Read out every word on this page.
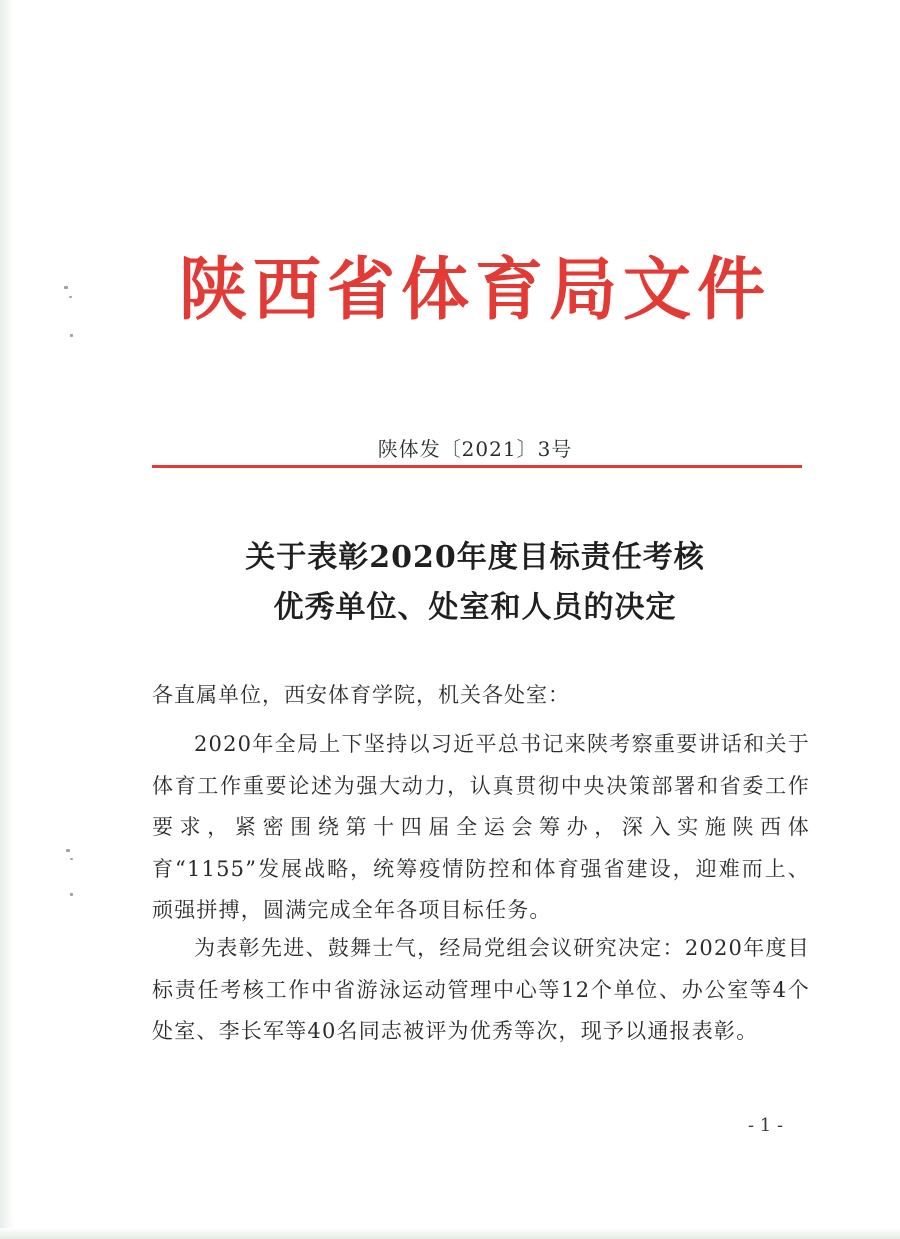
陕西省体育局文件
陕体发〔2021〕3号
关于表彰2020年度目标责任考核
优秀单位、处室和人员的决定
各直属单位，西安体育学院，机关各处室：
2020年全局上下坚持以习近平总书记来陕考察重要讲话和关于体育工作重要论述为强大动力，认真贯彻中央决策部署和省委工作要求，紧密围绕第十四届全运会筹办，深入实施陕西体育“1155”发展战略，统筹疫情防控和体育强省建设，迎难而上、顽强拼搏，圆满完成全年各项目标任务。
为表彰先进、鼓舞士气，经局党组会议研究决定：2020年度目标责任考核工作中省游泳运动管理中心等12个单位、办公室等4个处室、李长军等40名同志被评为优秀等次，现予以通报表彰。
- 1 -
